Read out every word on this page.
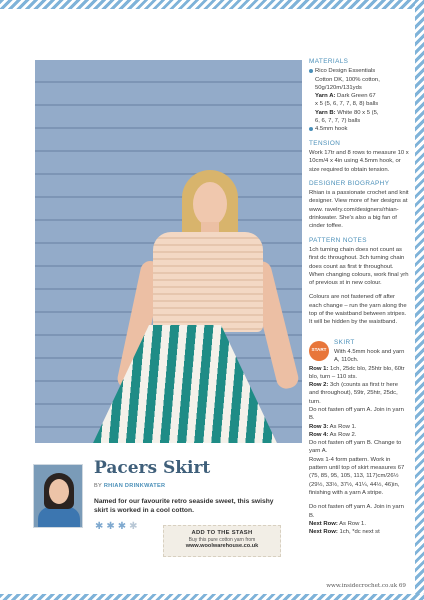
MATERIALS

Rico Design Essentials

Cotton DK, 100% cotton,

50g/120m/131yds

Yarn A: Dark Green 67

x 5 (5, 6, 7, 7, 8, 8) balls

Yarn B: White 80 x 5 (5,

6, 6, 7, 7, 7) balls

4.5mm hook
TENSION

Work 17tr and 8 rows to measure 10 x 10cm/4 x 4in using 4.5mm hook, or size required to obtain tension.

DESIGNER BIOGRAPHY

Rhian is a passionate crochet and knit designer. View more of her designs at www. ravelry.com/designers/rhian-drinkwater. She's also a big fan of cinder toffee.

PATTERN NOTES

1ch turning chain does not count as first dc throughout. 3ch turning chain does count as first tr throughout. When changing colours, work final yrh of previous st in new colour.

Colours are not fastened off after each change – run the yarn along the top of the waistband between stripes. It will be hidden by the waistband.

START
SKIRT

With 4.5mm hook and yarn A, 110ch.

Row 1: 1ch, 25dc blo, 25htr blo, 60tr blo, turn – 110 sts.

Row 2: 3ch (counts as first tr here and throughout), 59tr, 25htr, 25dc, turn.

Do not fasten off yarn A. Join in yarn B.

Row 3: As Row 1.

Row 4: As Row 2.

Do not fasten off yarn B. Change to yarn A.

Rows 1-4 form pattern. Work in pattern until top of skirt measures 67 (75, 85, 95, 105, 113, 117)cm/26½ (29½, 33½, 37½, 41¼, 44½, 46)in, finishing with a yarn A stripe.

Do not fasten off yarn A. Join in yarn B.

Next Row: As Row 1.

Next Row: 1ch, *dc next st

Pacers Skirt
BY RHIAN DRINKWATER
Named for our favourite retro seaside sweet, this swishy skirt is worked in a cool cotton.
✱ ✱ ✱ ✱
ADD TO THE STASH
Buy this pure cotton yarn from
www.woolwarehouse.co.uk
www.insidecrochet.co.uk 69
